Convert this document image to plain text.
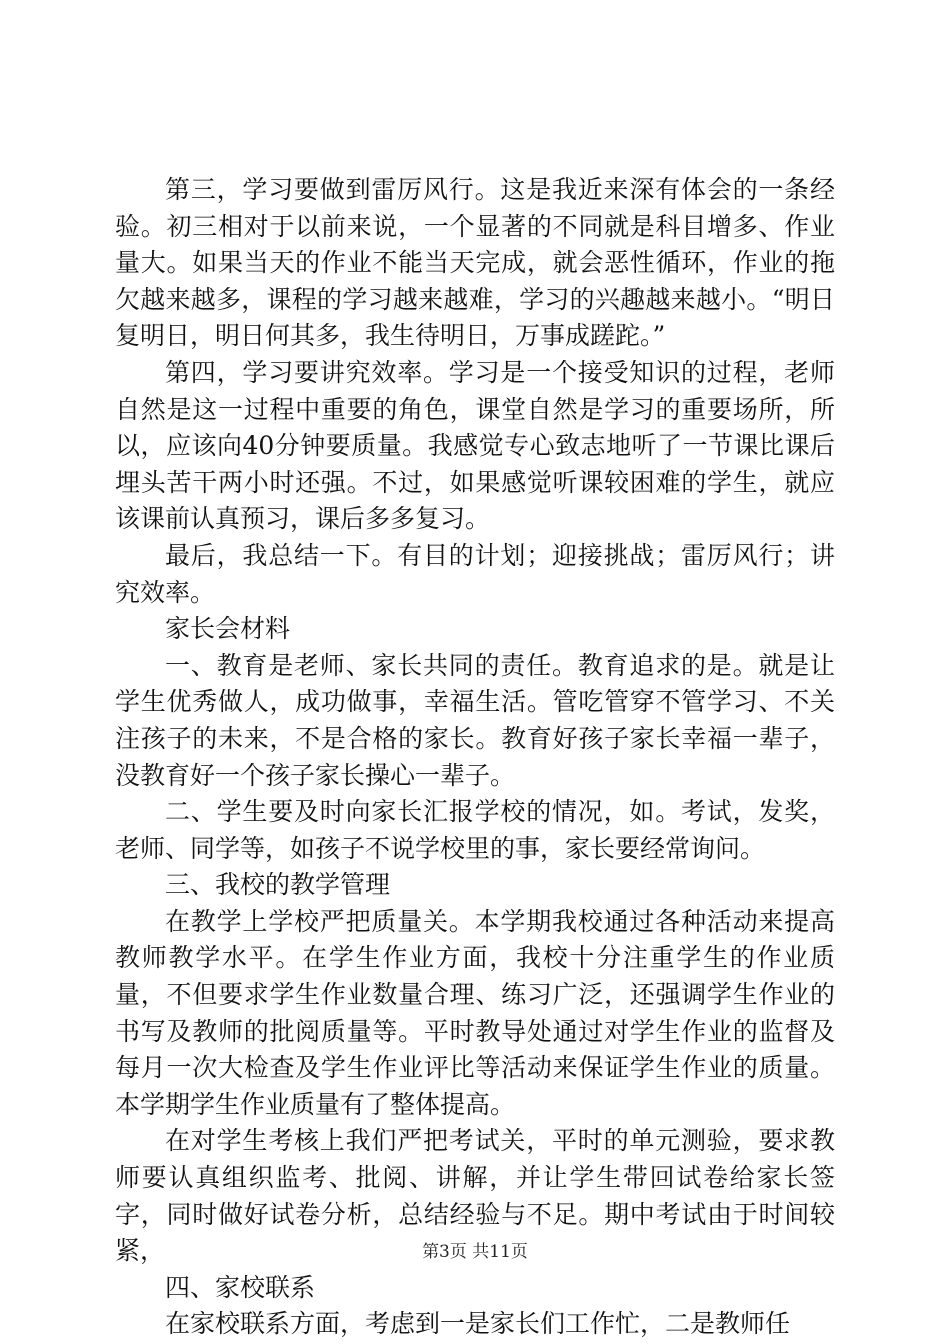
第三，学习要做到雷厉风行。这是我近来深有体会的一条经验。初三相对于以前来说，一个显著的不同就是科目增多、作业量大。如果当天的作业不能当天完成，就会恶性循环，作业的拖欠越来越多，课程的学习越来越难，学习的兴趣越来越小。“明日复明日，明日何其多，我生待明日，万事成蹉跎。”

第四，学习要讲究效率。学习是一个接受知识的过程，老师自然是这一过程中重要的角色，课堂自然是学习的重要场所，所以，应该向40分钟要质量。我感觉专心致志地听了一节课比课后埋头苦干两小时还强。不过，如果感觉听课较困难的学生，就应该课前认真预习，课后多多复习。

最后，我总结一下。有目的计划；迎接挑战；雷厉风行；讲究效率。

家长会材料

一、教育是老师、家长共同的责任。教育追求的是。就是让学生优秀做人，成功做事，幸福生活。管吃管穿不管学习、不关注孩子的未来，不是合格的家长。教育好孩子家长幸福一辈子，没教育好一个孩子家长操心一辈子。

二、学生要及时向家长汇报学校的情况，如。考试，发奖，老师、同学等，如孩子不说学校里的事，家长要经常询问。

三、我校的教学管理

在教学上学校严把质量关。本学期我校通过各种活动来提高教师教学水平。在学生作业方面，我校十分注重学生的作业质量，不但要求学生作业数量合理、练习广泛，还强调学生作业的书写及教师的批阅质量等。平时教导处通过对学生作业的监督及每月一次大检查及学生作业评比等活动来保证学生作业的质量。本学期学生作业质量有了整体提高。

在对学生考核上我们严把考试关，平时的单元测验，要求教师要认真组织监考、批阅、讲解，并让学生带回试卷给家长签字，同时做好试卷分析，总结经验与不足。期中考试由于时间较紧，

四、家校联系

在家校联系方面，考虑到一是家长们工作忙，二是教师任

第3页 共11页
